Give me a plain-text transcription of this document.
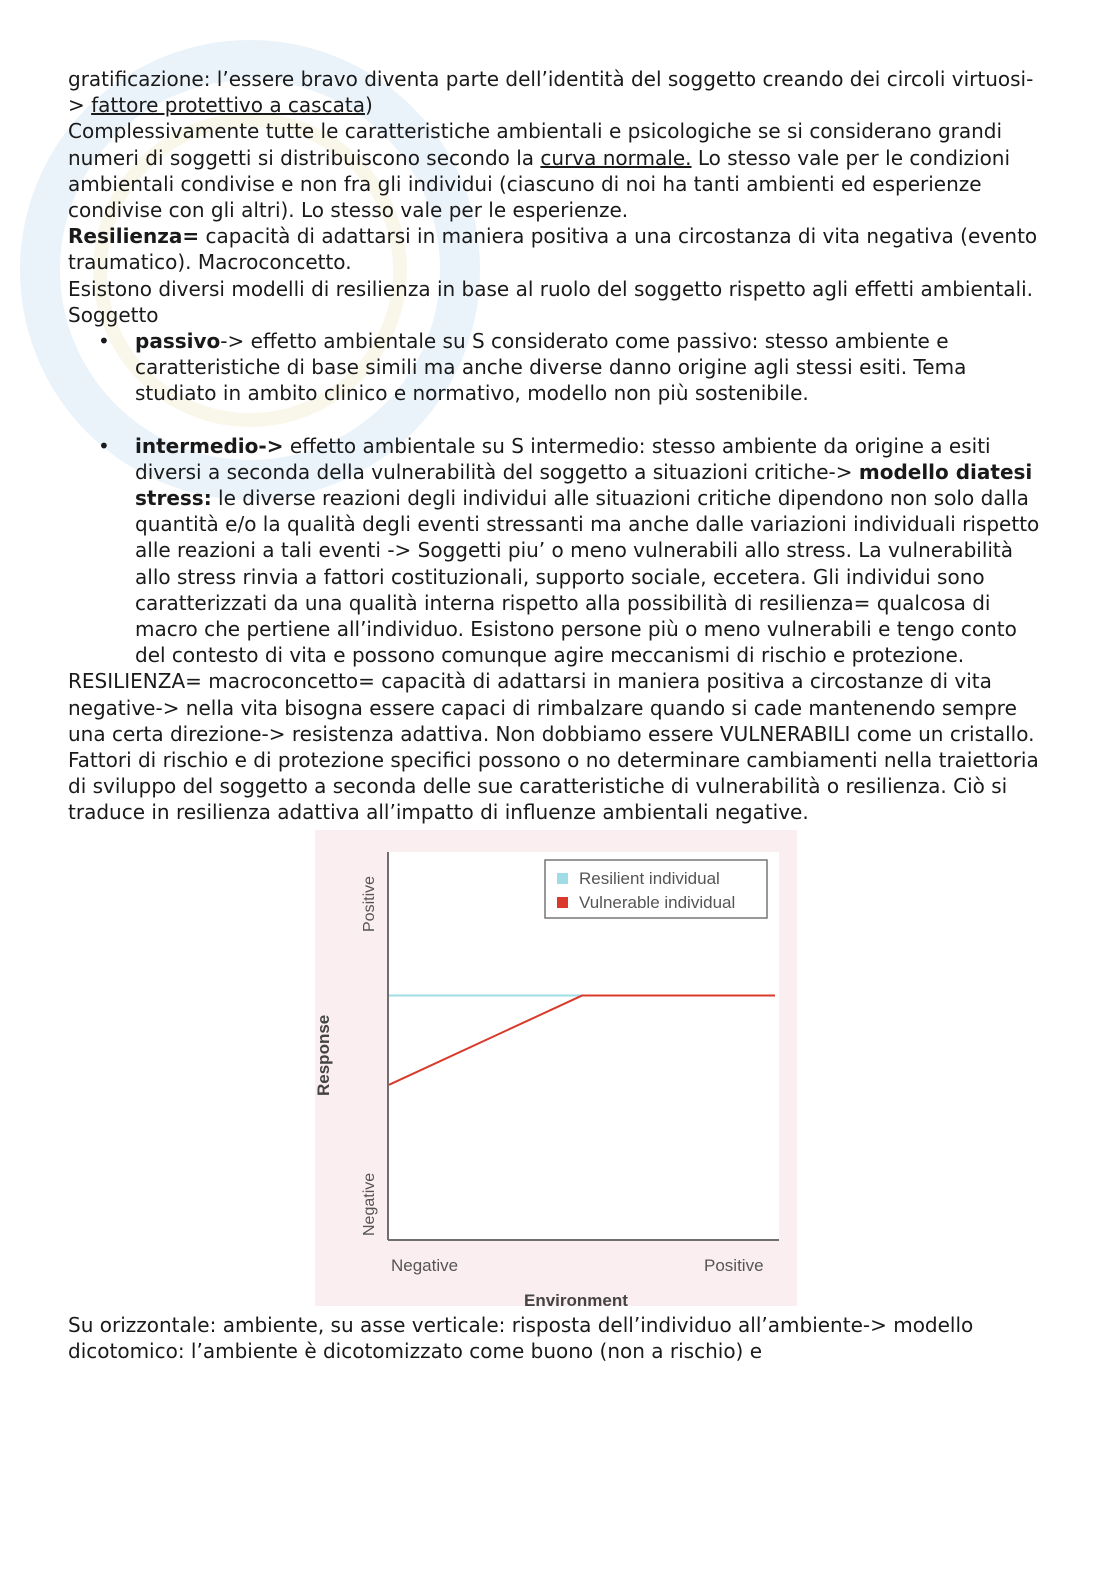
gratificazione: l’essere bravo diventa parte dell’identità del soggetto creando dei circoli virtuosi-> fattore protettivo a cascata)

Complessivamente tutte le caratteristiche ambientali e psicologiche se si considerano grandi numeri di soggetti si distribuiscono secondo la curva normale. Lo stesso vale per le condizioni ambientali condivise e non fra gli individui (ciascuno di noi ha tanti ambienti ed esperienze condivise con gli altri). Lo stesso vale per le esperienze.

Resilienza= capacità di adattarsi in maniera positiva a una circostanza di vita negativa (evento traumatico). Macroconcetto.

Esistono diversi modelli di resilienza in base al ruolo del soggetto rispetto agli effetti ambientali.

Soggetto

• passivo-> effetto ambientale su S considerato come passivo: stesso ambiente e caratteristiche di base simili ma anche diverse danno origine agli stessi esiti. Tema studiato in ambito clinico e normativo, modello non più sostenibile.
• intermedio-> effetto ambientale su S intermedio: stesso ambiente da origine a esiti diversi a seconda della vulnerabilità del soggetto a situazioni critiche-> modello diatesi stress: le diverse reazioni degli individui alle situazioni critiche dipendono non solo dalla quantità e/o la qualità degli eventi stressanti ma anche dalle variazioni individuali rispetto alle reazioni a tali eventi -> Soggetti piu’ o meno vulnerabili allo stress. La vulnerabilità allo stress rinvia a fattori costituzionali, supporto sociale, eccetera. Gli individui sono caratterizzati da una qualità interna rispetto alla possibilità di resilienza= qualcosa di macro che pertiene all’individuo. Esistono persone più o meno vulnerabili e tengo conto del contesto di vita e possono comunque agire meccanismi di rischio e protezione.

RESILIENZA= macroconcetto= capacità di adattarsi in maniera positiva a circostanze di vita negative-> nella vita bisogna essere capaci di rimbalzare quando si cade mantenendo sempre una certa direzione-> resistenza adattiva. Non dobbiamo essere VULNERABILI come un cristallo.

Fattori di rischio e di protezione specifici possono o no determinare cambiamenti nella traiettoria di sviluppo del soggetto a seconda delle sue caratteristiche di vulnerabilità o resilienza. Ciò si traduce in resilienza adattiva all’impatto di influenze ambientali negative.

Resilient individual
Vulnerable individual
Positive
Negative
Response
Negative	Positive
Environment

Su orizzontale: ambiente, su asse verticale: risposta dell’individuo all’ambiente-> modello dicotomico: l’ambiente è dicotomizzato come buono (non a rischio) e
